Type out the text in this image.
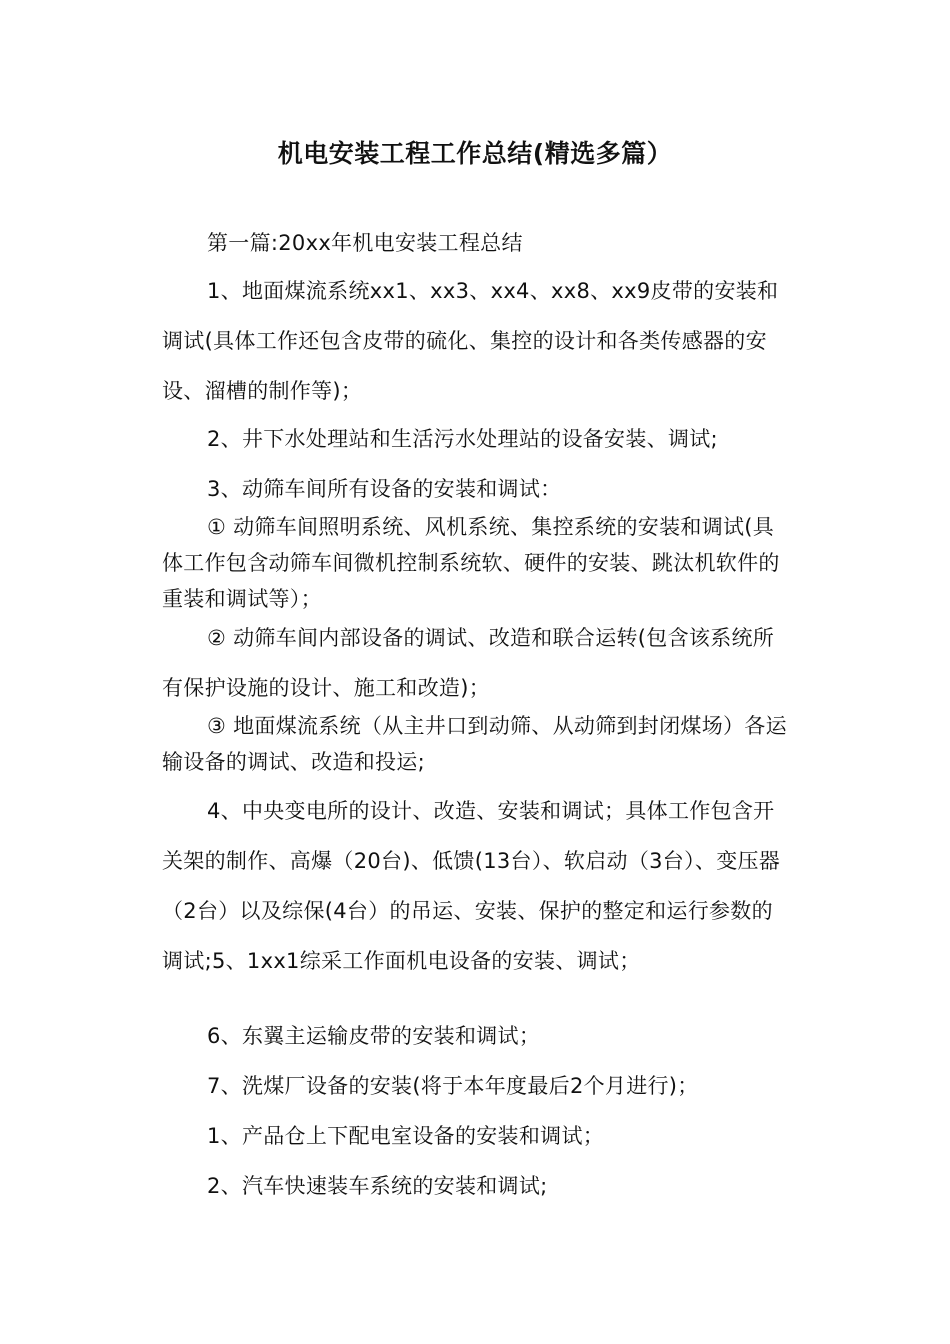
机电安装工程工作总结(精选多篇）

第一篇:20xx年机电安装工程总结

1、地面煤流系统xx1、xx3、xx4、xx8、xx9皮带的安装和调试(具体工作还包含皮带的硫化、集控的设计和各类传感器的安设、溜槽的制作等)；

2、井下水处理站和生活污水处理站的设备安装、调试;

3、动筛车间所有设备的安装和调试：

① 动筛车间照明系统、风机系统、集控系统的安装和调试(具体工作包含动筛车间微机控制系统软、硬件的安装、跳汰机软件的重装和调试等）；

② 动筛车间内部设备的调试、改造和联合运转(包含该系统所有保护设施的设计、施工和改造)；

③ 地面煤流系统（从主井口到动筛、从动筛到封闭煤场）各运输设备的调试、改造和投运;

4、中央变电所的设计、改造、安装和调试；具体工作包含开关架的制作、高爆（20台)、低馈(13台）、软启动（3台）、变压器（2台）以及综保(4台）的吊运、安装、保护的整定和运行参数的调试;5、1xx1综采工作面机电设备的安装、调试；

6、东翼主运输皮带的安装和调试；

7、洗煤厂设备的安装(将于本年度最后2个月进行)；

1、产品仓上下配电室设备的安装和调试；

2、汽车快速装车系统的安装和调试;
